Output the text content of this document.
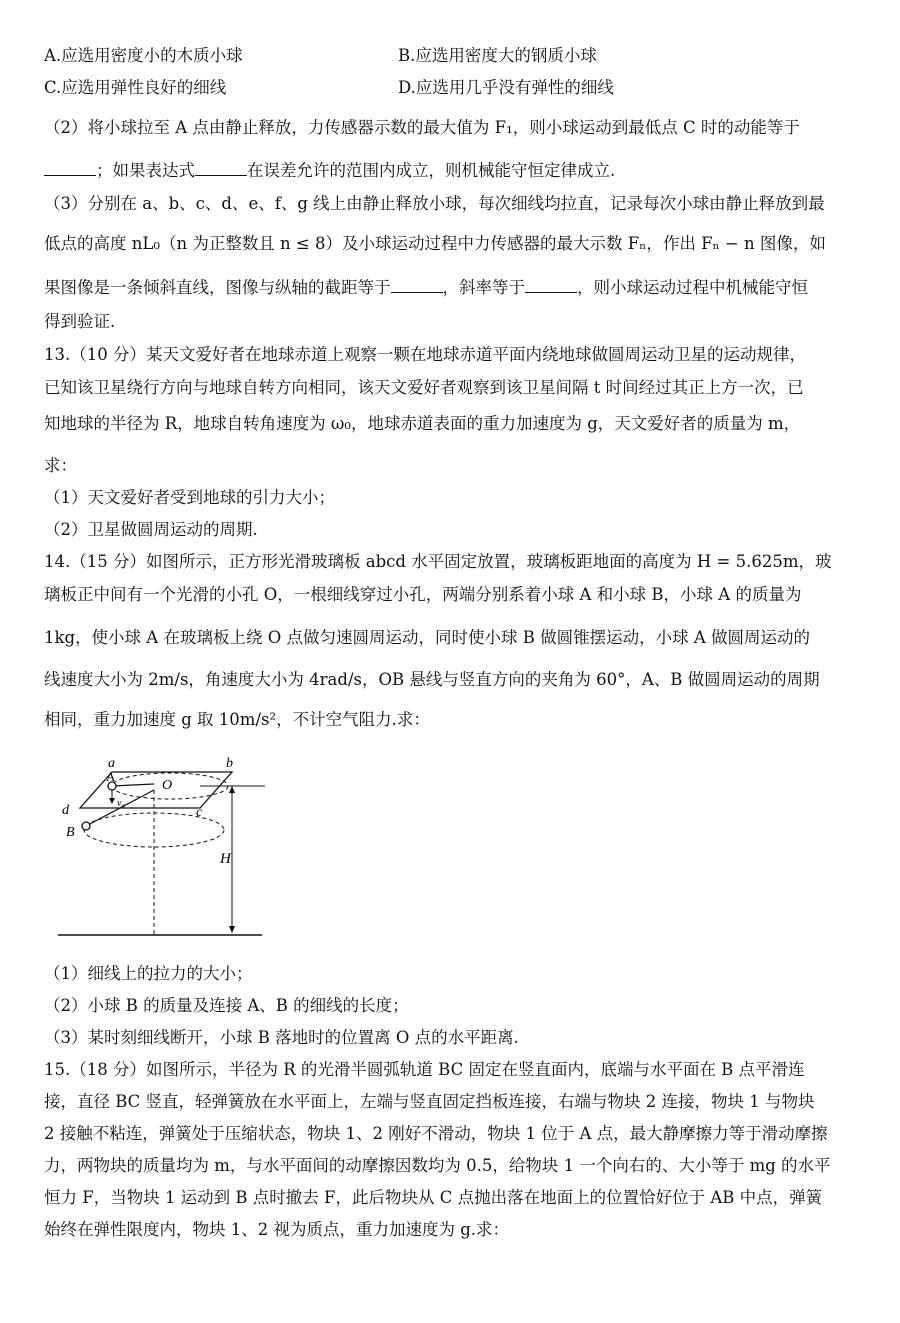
A.应选用密度小的木质小球	B.应选用密度大的钢质小球
C.应选用弹性良好的细线	D.应选用几乎没有弹性的细线
（2）将小球拉至 A 点由静止释放，力传感器示数的最大值为 F₁，则小球运动到最低点 C 时的动能等于
；如果表达式	在误差允许的范围内成立，则机械能守恒定律成立.
（3）分别在 a、b、c、d、e、f、g 线上由静止释放小球，每次细线均拉直，记录每次小球由静止释放到最
低点的高度 nL₀（n 为正整数且 n ≤ 8）及小球运动过程中力传感器的最大示数 Fₙ，作出 Fₙ − n 图像，如
果图像是一条倾斜直线，图像与纵轴的截距等于	，斜率等于	，则小球运动过程中机械能守恒
得到验证.
13.（10 分）某天文爱好者在地球赤道上观察一颗在地球赤道平面内绕地球做圆周运动卫星的运动规律，
已知该卫星绕行方向与地球自转方向相同，该天文爱好者观察到该卫星间隔 t 时间经过其正上方一次，已
知地球的半径为 R，地球自转角速度为 ω₀，地球赤道表面的重力加速度为 g，天文爱好者的质量为 m，
求：
（1）天文爱好者受到地球的引力大小；
（2）卫星做圆周运动的周期.
14.（15 分）如图所示，正方形光滑玻璃板 abcd 水平固定放置，玻璃板距地面的高度为 H = 5.625m，玻
璃板正中间有一个光滑的小孔 O，一根细线穿过小孔，两端分别系着小球 A 和小球 B，小球 A 的质量为
1kg，使小球 A 在玻璃板上绕 O 点做匀速圆周运动，同时使小球 B 做圆锥摆运动，小球 A 做圆周运动的
线速度大小为 2m/s，角速度大小为 4rad/s，OB 悬线与竖直方向的夹角为 60°，A、B 做圆周运动的周期
相同，重力加速度 g 取 10m/s²，不计空气阻力.求：
a	b
c
d
A
O
B
H
v₀
（1）细线上的拉力的大小；
（2）小球 B 的质量及连接 A、B 的细线的长度；
（3）某时刻细线断开，小球 B 落地时的位置离 O 点的水平距离.
15.（18 分）如图所示，半径为 R 的光滑半圆弧轨道 BC 固定在竖直面内，底端与水平面在 B 点平滑连
接，直径 BC 竖直，轻弹簧放在水平面上，左端与竖直固定挡板连接，右端与物块 2 连接，物块 1 与物块
2 接触不粘连，弹簧处于压缩状态，物块 1、2 刚好不滑动，物块 1 位于 A 点，最大静摩擦力等于滑动摩擦
力，两物块的质量均为 m，与水平面间的动摩擦因数均为 0.5，给物块 1 一个向右的、大小等于 mg 的水平
恒力 F，当物块 1 运动到 B 点时撤去 F，此后物块从 C 点抛出落在地面上的位置恰好位于 AB 中点，弹簧
始终在弹性限度内，物块 1、2 视为质点，重力加速度为 g.求：
